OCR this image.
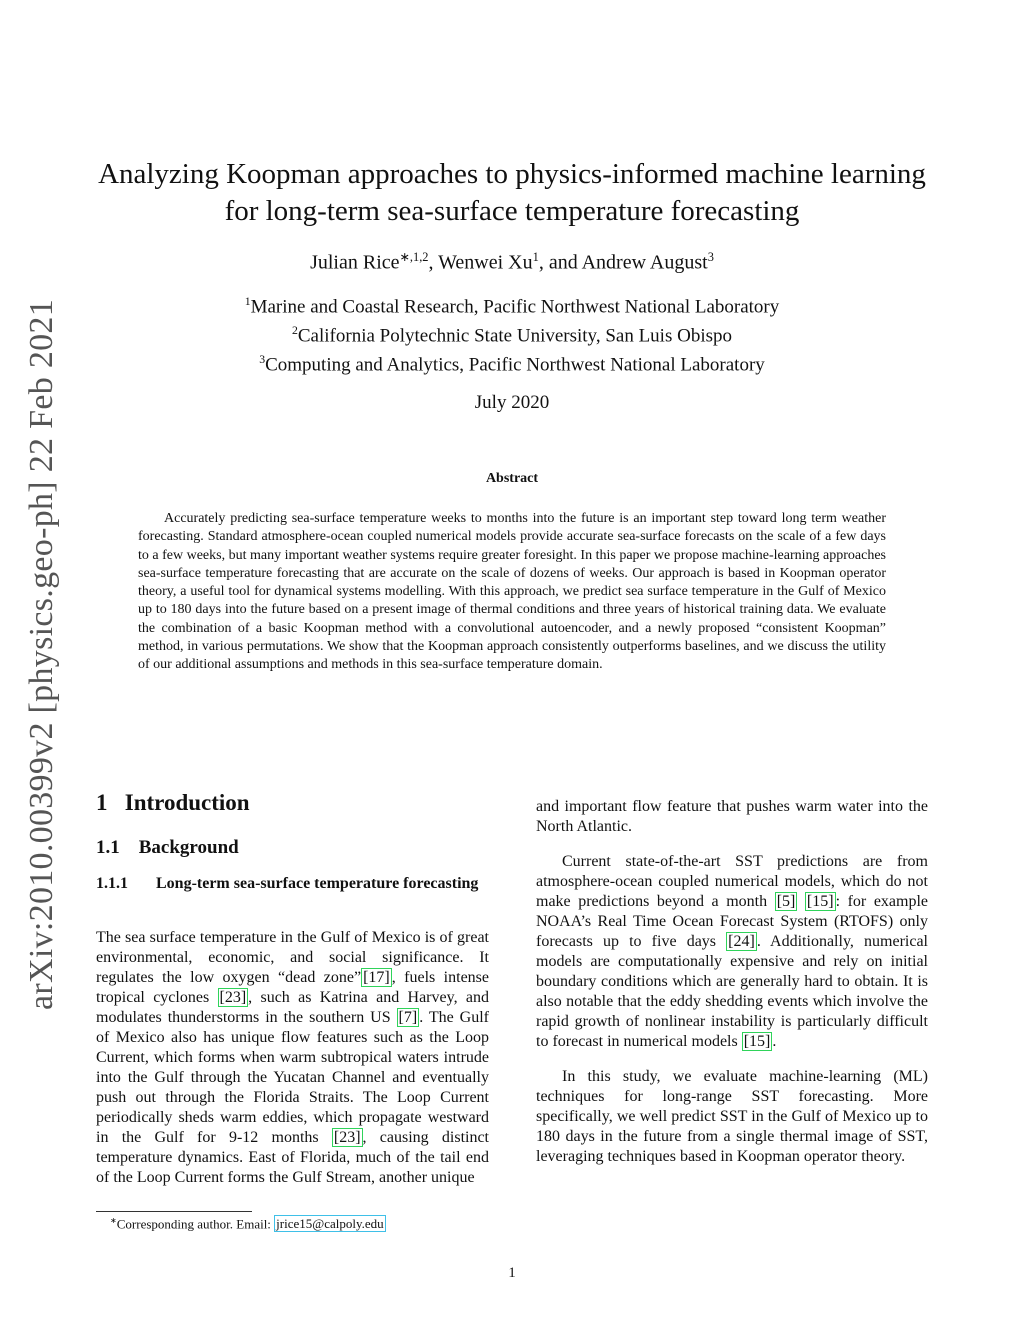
arXiv:2010.00399v2 [physics.geo-ph] 22 Feb 2021
Analyzing Koopman approaches to physics-informed machine learning
for long-term sea-surface temperature forecasting
Julian Rice$^{∗,1,2}$, Wenwei Xu$^1$, and Andrew August$^3$
$^1$Marine and Coastal Research, Pacific Northwest National Laboratory
$^2$California Polytechnic State University, San Luis Obispo
$^3$Computing and Analytics, Pacific Northwest National Laboratory
July 2020
Abstract
Accurately predicting sea-surface temperature weeks to months into the future is an important step toward long term weather forecasting. Standard atmosphere-ocean coupled numerical models provide accurate sea-surface forecasts on the scale of a few days to a few weeks, but many important weather systems require greater foresight. In this paper we propose machine-learning approaches sea-surface temperature forecasting that are accurate on the scale of dozens of weeks. Our approach is based in Koopman operator theory, a useful tool for dynamical systems modelling. With this approach, we predict sea surface temperature in the Gulf of Mexico up to 180 days into the future based on a present image of thermal conditions and three years of historical training data. We evaluate the combination of a basic Koopman method with a convolutional autoencoder, and a newly proposed “consistent Koopman” method, in various permutations. We show that the Koopman approach consistently outperforms baselines, and we discuss the utility of our additional assumptions and methods in this sea-surface temperature domain.
1 Introduction
1.1 Background
1.1.1	Long-term sea-surface temperature forecasting

The sea surface temperature in the Gulf of Mexico is of great environmental, economic, and social significance. It regulates the low oxygen “dead zone” [17] , fuels intense tropical cyclones [23] , such as Katrina and Harvey, and modulates thunderstorms in the southern US [7] . The Gulf of Mexico also has unique flow features such as the Loop Current, which forms when warm subtropical waters intrude into the Gulf through the Yucatan Channel and eventually push out through the Florida Straits. The Loop Current periodically sheds warm eddies, which propagate westward in the Gulf for 9-12 months [23] , causing distinct temperature dynamics. East of Florida, much of the tail end of the Loop Current forms the Gulf Stream, another unique

and important flow feature that pushes warm water into the North Atlantic.

Current state-of-the-art SST predictions are from atmosphere-ocean coupled numerical models, which do not make predictions beyond a month [5] [15] : for example NOAA’s Real Time Ocean Forecast System (RTOFS) only forecasts up to five days [24] . Additionally, numerical models are computationally expensive and rely on initial boundary conditions which are generally hard to obtain. It is also notable that the eddy shedding events which involve the rapid growth of nonlinear instability is particularly difficult to forecast in numerical models [15] .

In this study, we evaluate machine-learning (ML) techniques for long-range SST forecasting. More specifically, we well predict SST in the Gulf of Mexico up to 180 days in the future from a single thermal image of SST, leveraging techniques based in Koopman operator theory.

∗Corresponding author. Email: jrice15@calpoly.edu
1
